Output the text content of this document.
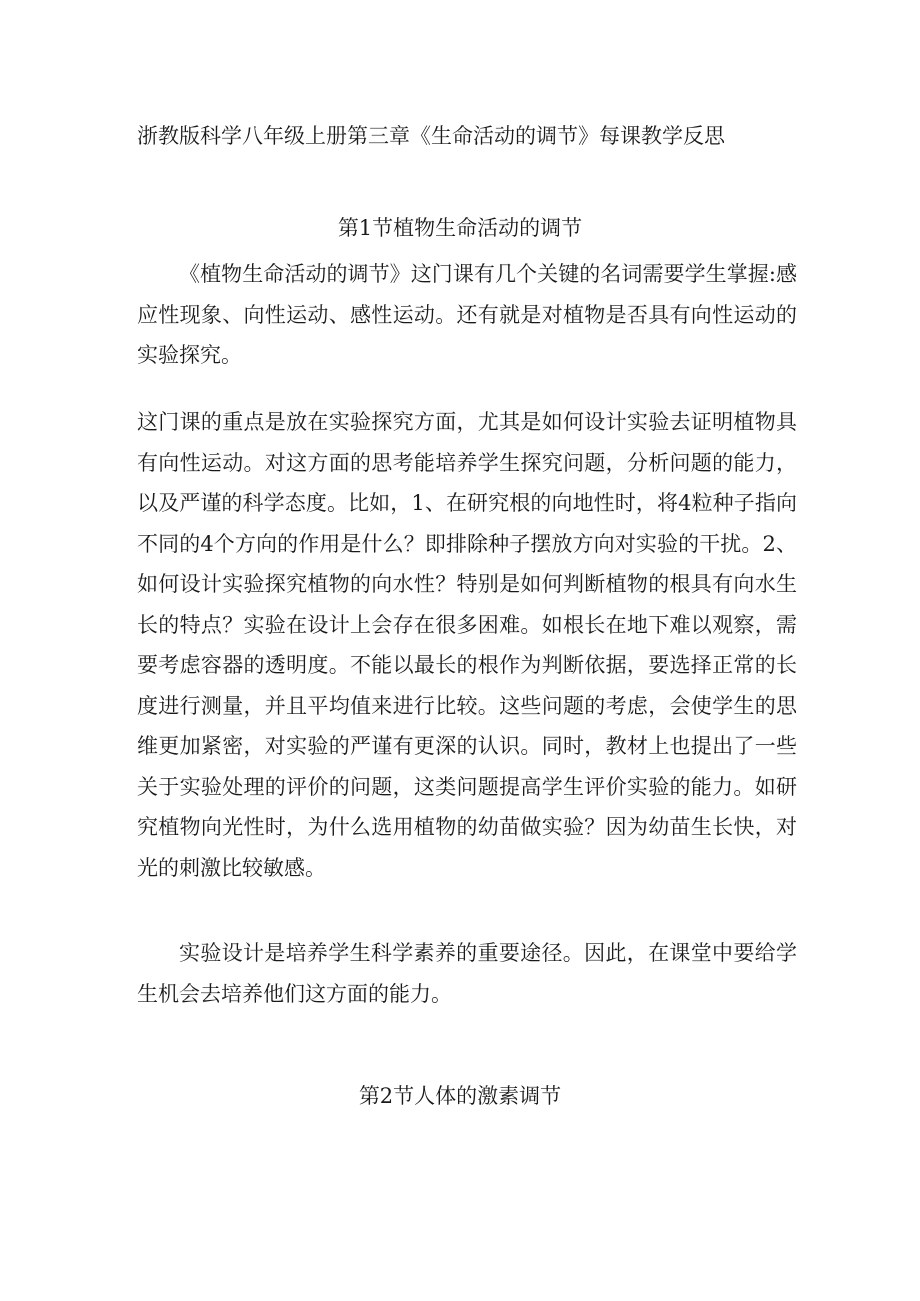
浙教版科学八年级上册第三章《生命活动的调节》每课教学反思
第1节植物生命活动的调节

《植物生命活动的调节》这门课有几个关键的名词需要学生掌握:感应性现象、向性运动、感性运动。还有就是对植物是否具有向性运动的实验探究。

这门课的重点是放在实验探究方面，尤其是如何设计实验去证明植物具有向性运动。对这方面的思考能培养学生探究问题，分析问题的能力，以及严谨的科学态度。比如，1、在研究根的向地性时，将4粒种子指向不同的4个方向的作用是什么？即排除种子摆放方向对实验的干扰。2、如何设计实验探究植物的向水性？特别是如何判断植物的根具有向水生长的特点？实验在设计上会存在很多困难。如根长在地下难以观察，需要考虑容器的透明度。不能以最长的根作为判断依据，要选择正常的长度进行测量，并且平均值来进行比较。这些问题的考虑，会使学生的思维更加紧密，对实验的严谨有更深的认识。同时，教材上也提出了一些关于实验处理的评价的问题，这类问题提高学生评价实验的能力。如研究植物向光性时，为什么选用植物的幼苗做实验？因为幼苗生长快，对光的刺激比较敏感。

实验设计是培养学生科学素养的重要途径。因此，在课堂中要给学生机会去培养他们这方面的能力。

第2节人体的激素调节
